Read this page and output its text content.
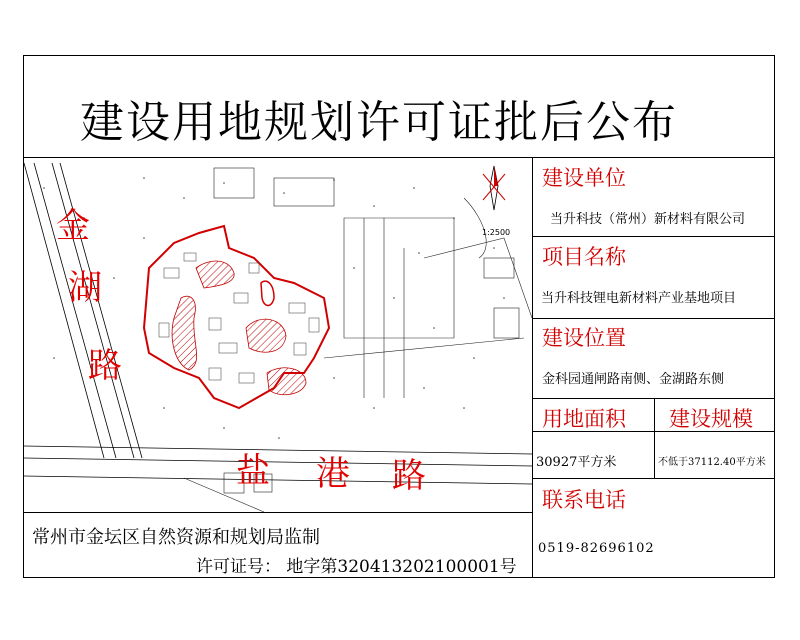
建设用地规划许可证批后公布
金
湖
路
盐 港 路
1:2500
建设单位
当升科技（常州）新材料有限公司
项目名称
当升科技锂电新材料产业基地项目
建设位置
金科园通闸路南侧、金湖路东侧
用地面积 建设规模
30927平方米	不低于37112.40平方米
联系电话
0519-82696102
常州市金坛区自然资源和规划局监制
许可证号： 地字第320413202100001号
